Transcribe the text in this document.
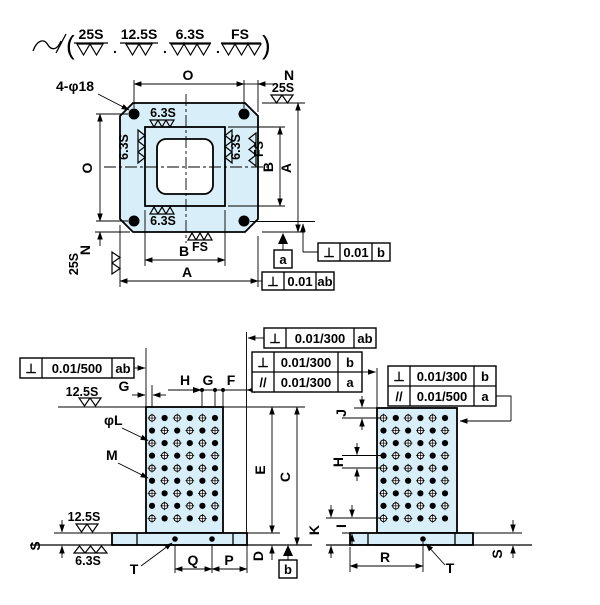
( 25S
.
12.5S
.
6.3S
.
FS )
4-φ18
O	N
25S
O
N
25S
B
A
B A
6.3S
6.3S	6.3S FS
6.3S
FS
a	⊥ 0.01 b
⊥ 0.01 ab
12.5S G
⊥ 0.01/500 ab
H G F
⊥ 0.01/300 ab
⊥ 0.01/300 b
// 0.01/300 a
φL
M
E
C
D
b
S
12.5S
6.3S T
Q P
⊥ 0.01/300 b
// 0.01/500 a
J
H
I
K
S
R
T
